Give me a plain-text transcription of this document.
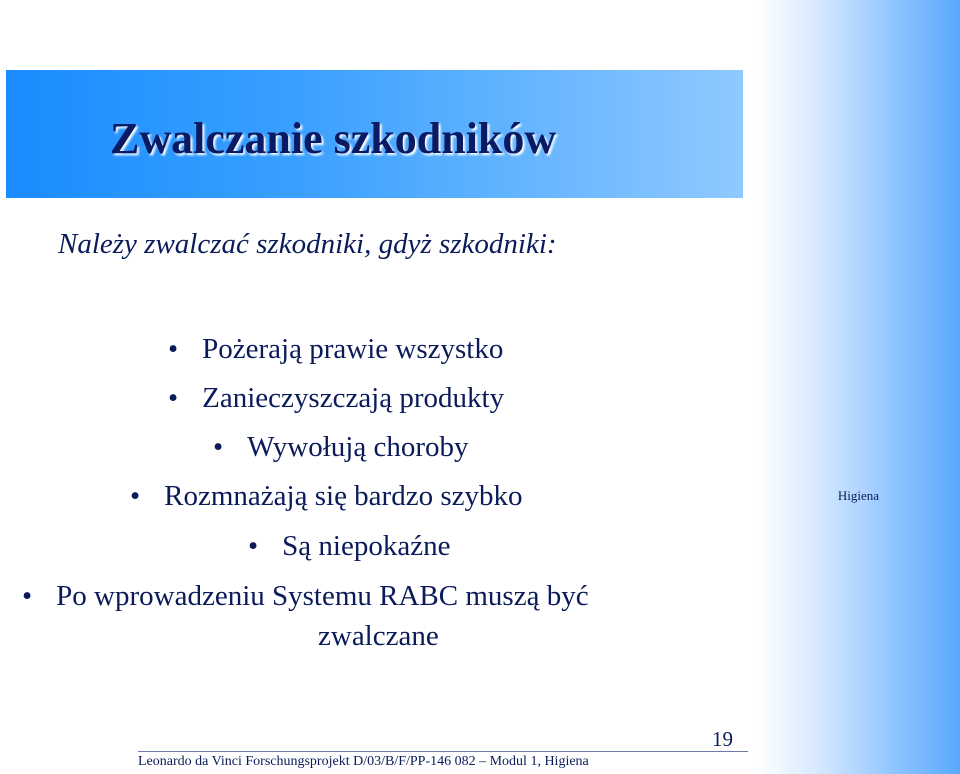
Higiena
Zwalczanie szkodników
Należy zwalczać szkodniki, gdyż szkodniki:
• Pożerają prawie wszystko
• Zanieczyszczają produkty
• Wywołują choroby
• Rozmnażają się bardzo szybko
• Są niepokaźne
• Po wprowadzeniu Systemu RABC muszą być
zwalczane
19
Leonardo da Vinci Forschungsprojekt D/03/B/F/PP-146 082 – Modul 1, Higiena
